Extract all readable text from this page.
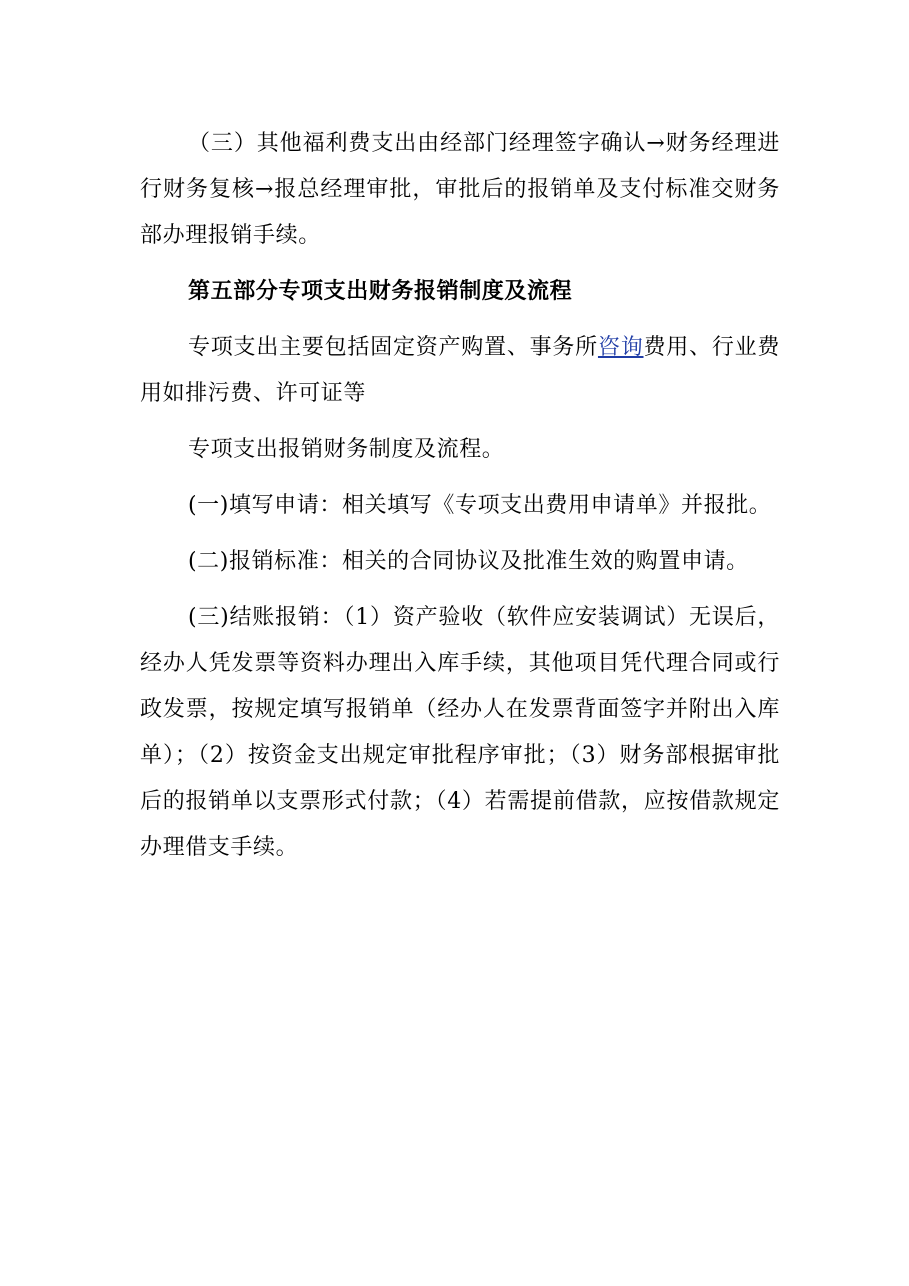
（三）其他福利费支出由经部门经理签字确认→财务经理进行财务复核→报总经理审批，审批后的报销单及支付标准交财务部办理报销手续。

第五部分专项支出财务报销制度及流程

专项支出主要包括固定资产购置、事务所咨询费用、行业费用如排污费、许可证等

专项支出报销财务制度及流程。

(一)填写申请：相关填写《专项支出费用申请单》并报批。

(二)报销标准：相关的合同协议及批准生效的购置申请。

(三)结账报销：（1）资产验收（软件应安装调试）无误后，经办人凭发票等资料办理出入库手续，其他项目凭代理合同或行政发票，按规定填写报销单（经办人在发票背面签字并附出入库单）；（2）按资金支出规定审批程序审批；（3）财务部根据审批后的报销单以支票形式付款；（4）若需提前借款，应按借款规定办理借支手续。
